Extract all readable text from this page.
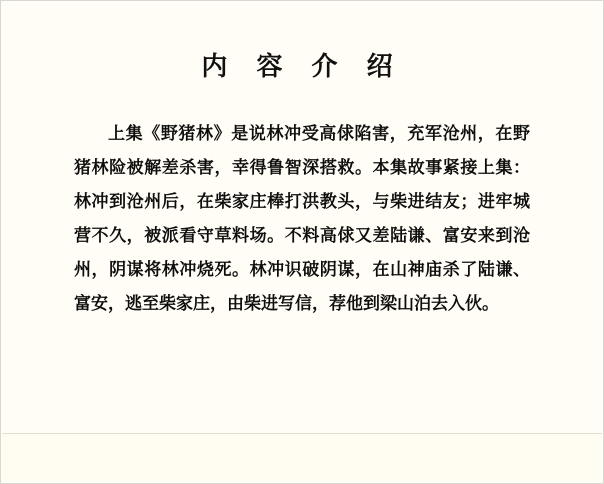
内 容 介 绍

上集《野猪林》是说林冲受高俅陷害，充军沧州，在野猪林险被解差杀害，幸得鲁智深搭救。本集故事紧接上集：林冲到沧州后，在柴家庄棒打洪教头，与柴进结友；进牢城营不久，被派看守草料场。不料高俅又差陆谦、富安来到沧州，阴谋将林冲烧死。林冲识破阴谋，在山神庙杀了陆谦、富安，逃至柴家庄，由柴进写信，荐他到梁山泊去入伙。
